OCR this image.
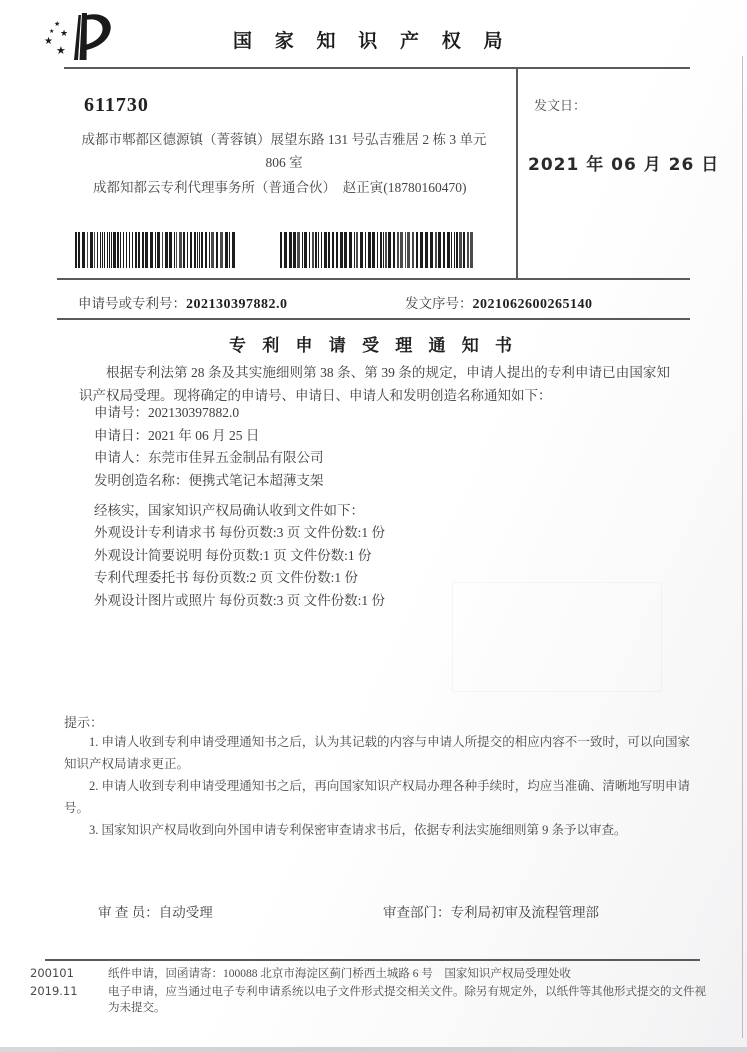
★
★ ★
★
★	国 家 知 识 产 权 局
611730
成都市郫都区德源镇（菁蓉镇）展望东路 131 号弘吉雅居 2 栋 3 单元
806 室
成都知都云专利代理事务所（普通合伙）　赵正寅(18780160470)
发文日：
2021 年 06 月 26 日
申请号或专利号：202130397882.0	发文序号：2021062600265140
专 利 申 请 受 理 通 知 书
根据专利法第 28 条及其实施细则第 38 条、第 39 条的规定，申请人提出的专利申请已由国家知识产权局受理。现将确定的申请号、申请日、申请人和发明创造名称通知如下：
申请号：202130397882.0
申请日：2021 年 06 月 25 日
申请人：东莞市佳昇五金制品有限公司
发明创造名称：便携式笔记本超薄支架
经核实，国家知识产权局确认收到文件如下：
外观设计专利请求书 每份页数:3 页 文件份数:1 份
外观设计简要说明 每份页数:1 页 文件份数:1 份
专利代理委托书 每份页数:2 页 文件份数:1 份
外观设计图片或照片 每份页数:3 页 文件份数:1 份
提示：

1. 申请人收到专利申请受理通知书之后，认为其记载的内容与申请人所提交的相应内容不一致时，可以向国家知识产权局请求更正。

2. 申请人收到专利申请受理通知书之后，再向国家知识产权局办理各种手续时，均应当准确、清晰地写明申请号。

3. 国家知识产权局收到向外国申请专利保密审查请求书后，依据专利法实施细则第 9 条予以审查。

审 查 员：自动受理	审查部门：专利局初审及流程管理部
200101	纸件申请，回函请寄：100088 北京市海淀区蓟门桥西土城路 6 号　国家知识产权局受理处收
2019.11	电子申请，应当通过电子专利申请系统以电子文件形式提交相关文件。除另有规定外，以纸件等其他形式提交的文件视为未提交。
